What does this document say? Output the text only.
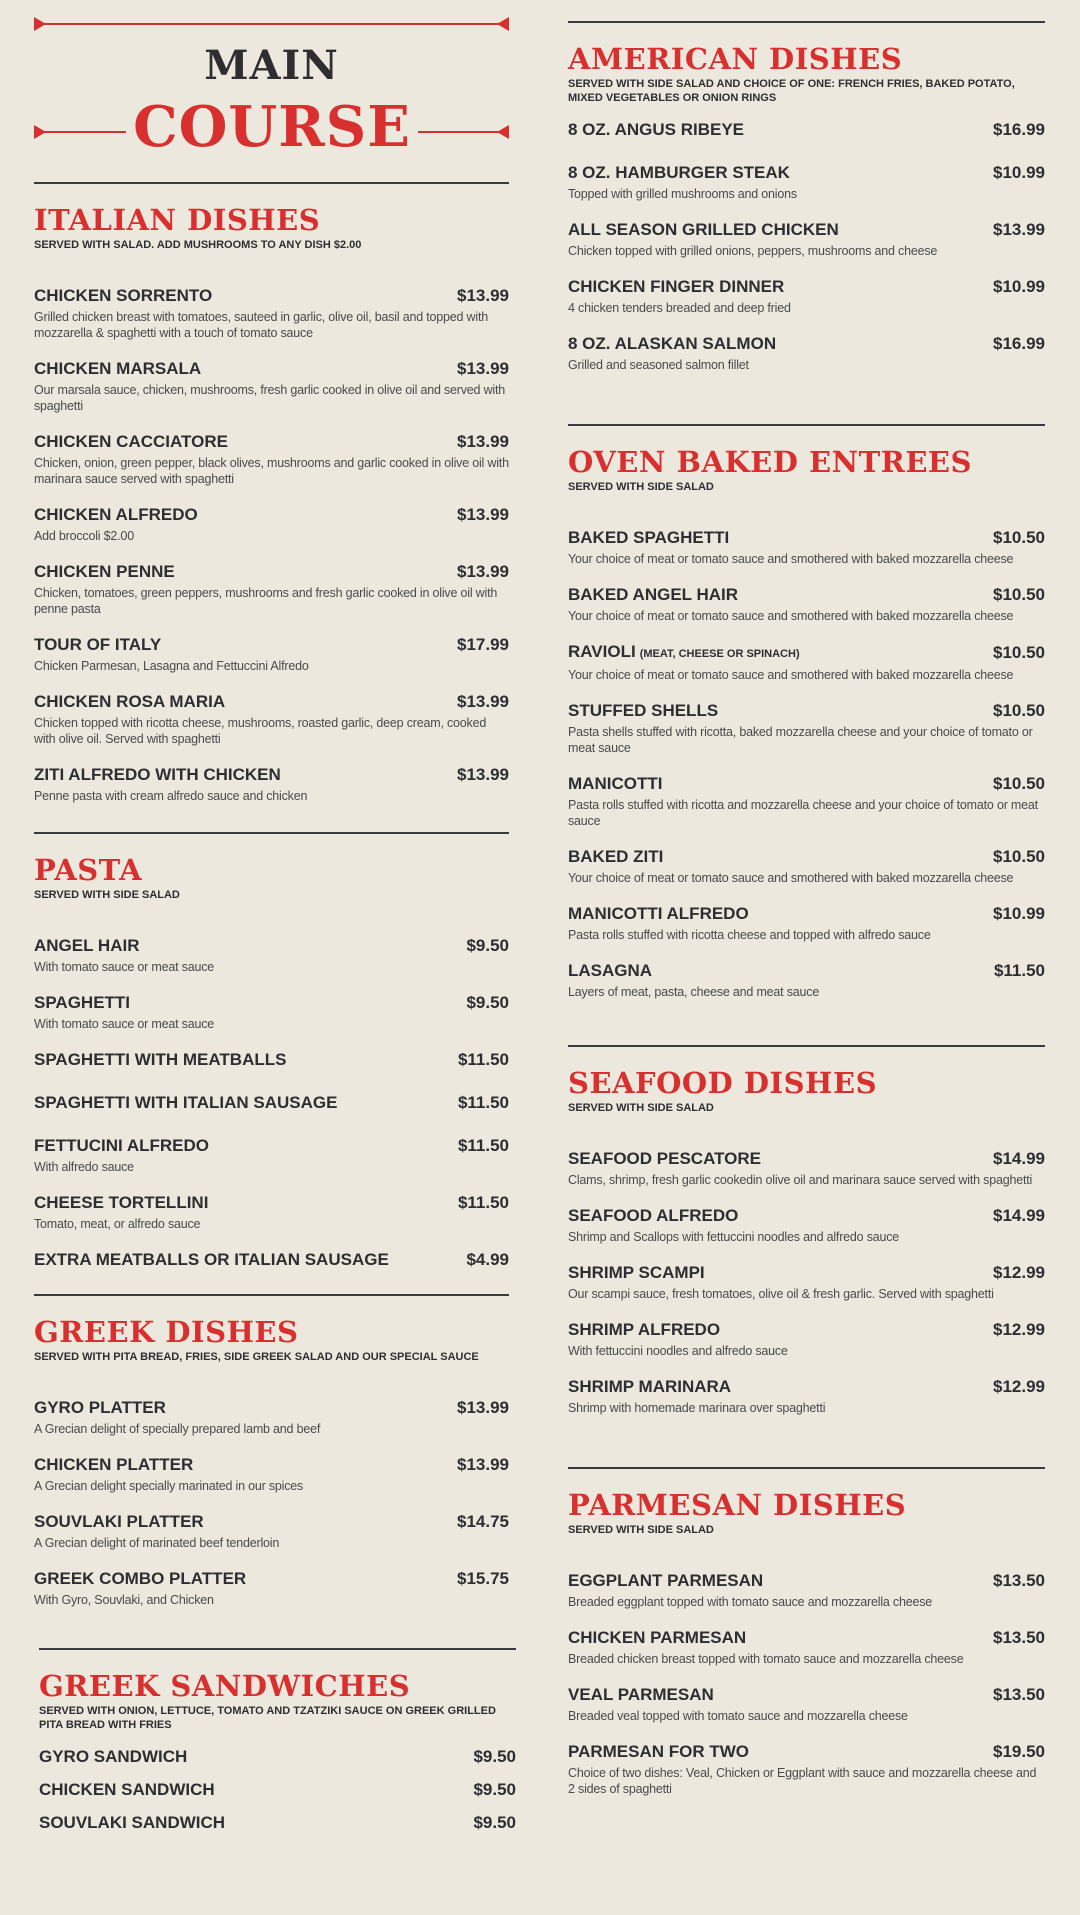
MAIN
COURSE
ITALIAN DISHES
SERVED WITH SALAD. ADD MUSHROOMS TO ANY DISH $2.00
CHICKEN SORRENTO	$13.99
Grilled chicken breast with tomatoes, sauteed in garlic, olive oil, basil and topped with mozzarella & spaghetti with a touch of tomato sauce
CHICKEN MARSALA	$13.99
Our marsala sauce, chicken, mushrooms, fresh garlic cooked in olive oil and served with spaghetti
CHICKEN CACCIATORE	$13.99
Chicken, onion, green pepper, black olives, mushrooms and garlic cooked in olive oil with marinara sauce served with spaghetti
CHICKEN ALFREDO	$13.99
Add broccoli $2.00
CHICKEN PENNE	$13.99
Chicken, tomatoes, green peppers, mushrooms and fresh garlic cooked in olive oil with penne pasta
TOUR OF ITALY	$17.99
Chicken Parmesan, Lasagna and Fettuccini Alfredo
CHICKEN ROSA MARIA	$13.99
Chicken topped with ricotta cheese, mushrooms, roasted garlic, deep cream, cooked with olive oil. Served with spaghetti
ZITI ALFREDO WITH CHICKEN	$13.99
Penne pasta with cream alfredo sauce and chicken
PASTA
SERVED WITH SIDE SALAD
ANGEL HAIR	$9.50
With tomato sauce or meat sauce
SPAGHETTI	$9.50
With tomato sauce or meat sauce
SPAGHETTI WITH MEATBALLS	$11.50
SPAGHETTI WITH ITALIAN SAUSAGE	$11.50
FETTUCINI ALFREDO	$11.50
With alfredo sauce
CHEESE TORTELLINI	$11.50
Tomato, meat, or alfredo sauce
EXTRA MEATBALLS OR ITALIAN SAUSAGE	$4.99
GREEK DISHES
SERVED WITH PITA BREAD, FRIES, SIDE GREEK SALAD AND OUR SPECIAL SAUCE
GYRO PLATTER	$13.99
A Grecian delight of specially prepared lamb and beef
CHICKEN PLATTER	$13.99
A Grecian delight specially marinated in our spices
SOUVLAKI PLATTER	$14.75
A Grecian delight of marinated beef tenderloin
GREEK COMBO PLATTER	$15.75
With Gyro, Souvlaki, and Chicken
GREEK SANDWICHES
SERVED WITH ONION, LETTUCE, TOMATO AND TZATZIKI SAUCE ON GREEK GRILLED PITA BREAD WITH FRIES
GYRO SANDWICH	$9.50
CHICKEN SANDWICH	$9.50
SOUVLAKI SANDWICH	$9.50
AMERICAN DISHES
SERVED WITH SIDE SALAD AND CHOICE OF ONE: FRENCH FRIES, BAKED POTATO, MIXED VEGETABLES OR ONION RINGS
8 OZ. ANGUS RIBEYE	$16.99
8 OZ. HAMBURGER STEAK	$10.99
Topped with grilled mushrooms and onions
ALL SEASON GRILLED CHICKEN	$13.99
Chicken topped with grilled onions, peppers, mushrooms and cheese
CHICKEN FINGER DINNER	$10.99
4 chicken tenders breaded and deep fried
8 OZ. ALASKAN SALMON	$16.99
Grilled and seasoned salmon fillet
OVEN BAKED ENTREES
SERVED WITH SIDE SALAD
BAKED SPAGHETTI	$10.50
Your choice of meat or tomato sauce and smothered with baked mozzarella cheese
BAKED ANGEL HAIR	$10.50
Your choice of meat or tomato sauce and smothered with baked mozzarella cheese
RAVIOLI (MEAT, CHEESE OR SPINACH)	$10.50
Your choice of meat or tomato sauce and smothered with baked mozzarella cheese
STUFFED SHELLS	$10.50
Pasta shells stuffed with ricotta, baked mozzarella cheese and your choice of tomato or meat sauce
MANICOTTI	$10.50
Pasta rolls stuffed with ricotta and mozzarella cheese and your choice of tomato or meat sauce
BAKED ZITI	$10.50
Your choice of meat or tomato sauce and smothered with baked mozzarella cheese
MANICOTTI ALFREDO	$10.99
Pasta rolls stuffed with ricotta cheese and topped with alfredo sauce
LASAGNA	$11.50
Layers of meat, pasta, cheese and meat sauce
SEAFOOD DISHES
SERVED WITH SIDE SALAD
SEAFOOD PESCATORE	$14.99
Clams, shrimp, fresh garlic cookedin olive oil and marinara sauce served with spaghetti
SEAFOOD ALFREDO	$14.99
Shrimp and Scallops with fettuccini noodles and alfredo sauce
SHRIMP SCAMPI	$12.99
Our scampi sauce, fresh tomatoes, olive oil & fresh garlic. Served with spaghetti
SHRIMP ALFREDO	$12.99
With fettuccini noodles and alfredo sauce
SHRIMP MARINARA	$12.99
Shrimp with homemade marinara over spaghetti
PARMESAN DISHES
SERVED WITH SIDE SALAD
EGGPLANT PARMESAN	$13.50
Breaded eggplant topped with tomato sauce and mozzarella cheese
CHICKEN PARMESAN	$13.50
Breaded chicken breast topped with tomato sauce and mozzarella cheese
VEAL PARMESAN	$13.50
Breaded veal topped with tomato sauce and mozzarella cheese
PARMESAN FOR TWO	$19.50
Choice of two dishes: Veal, Chicken or Eggplant with sauce and mozzarella cheese and 2 sides of spaghetti
